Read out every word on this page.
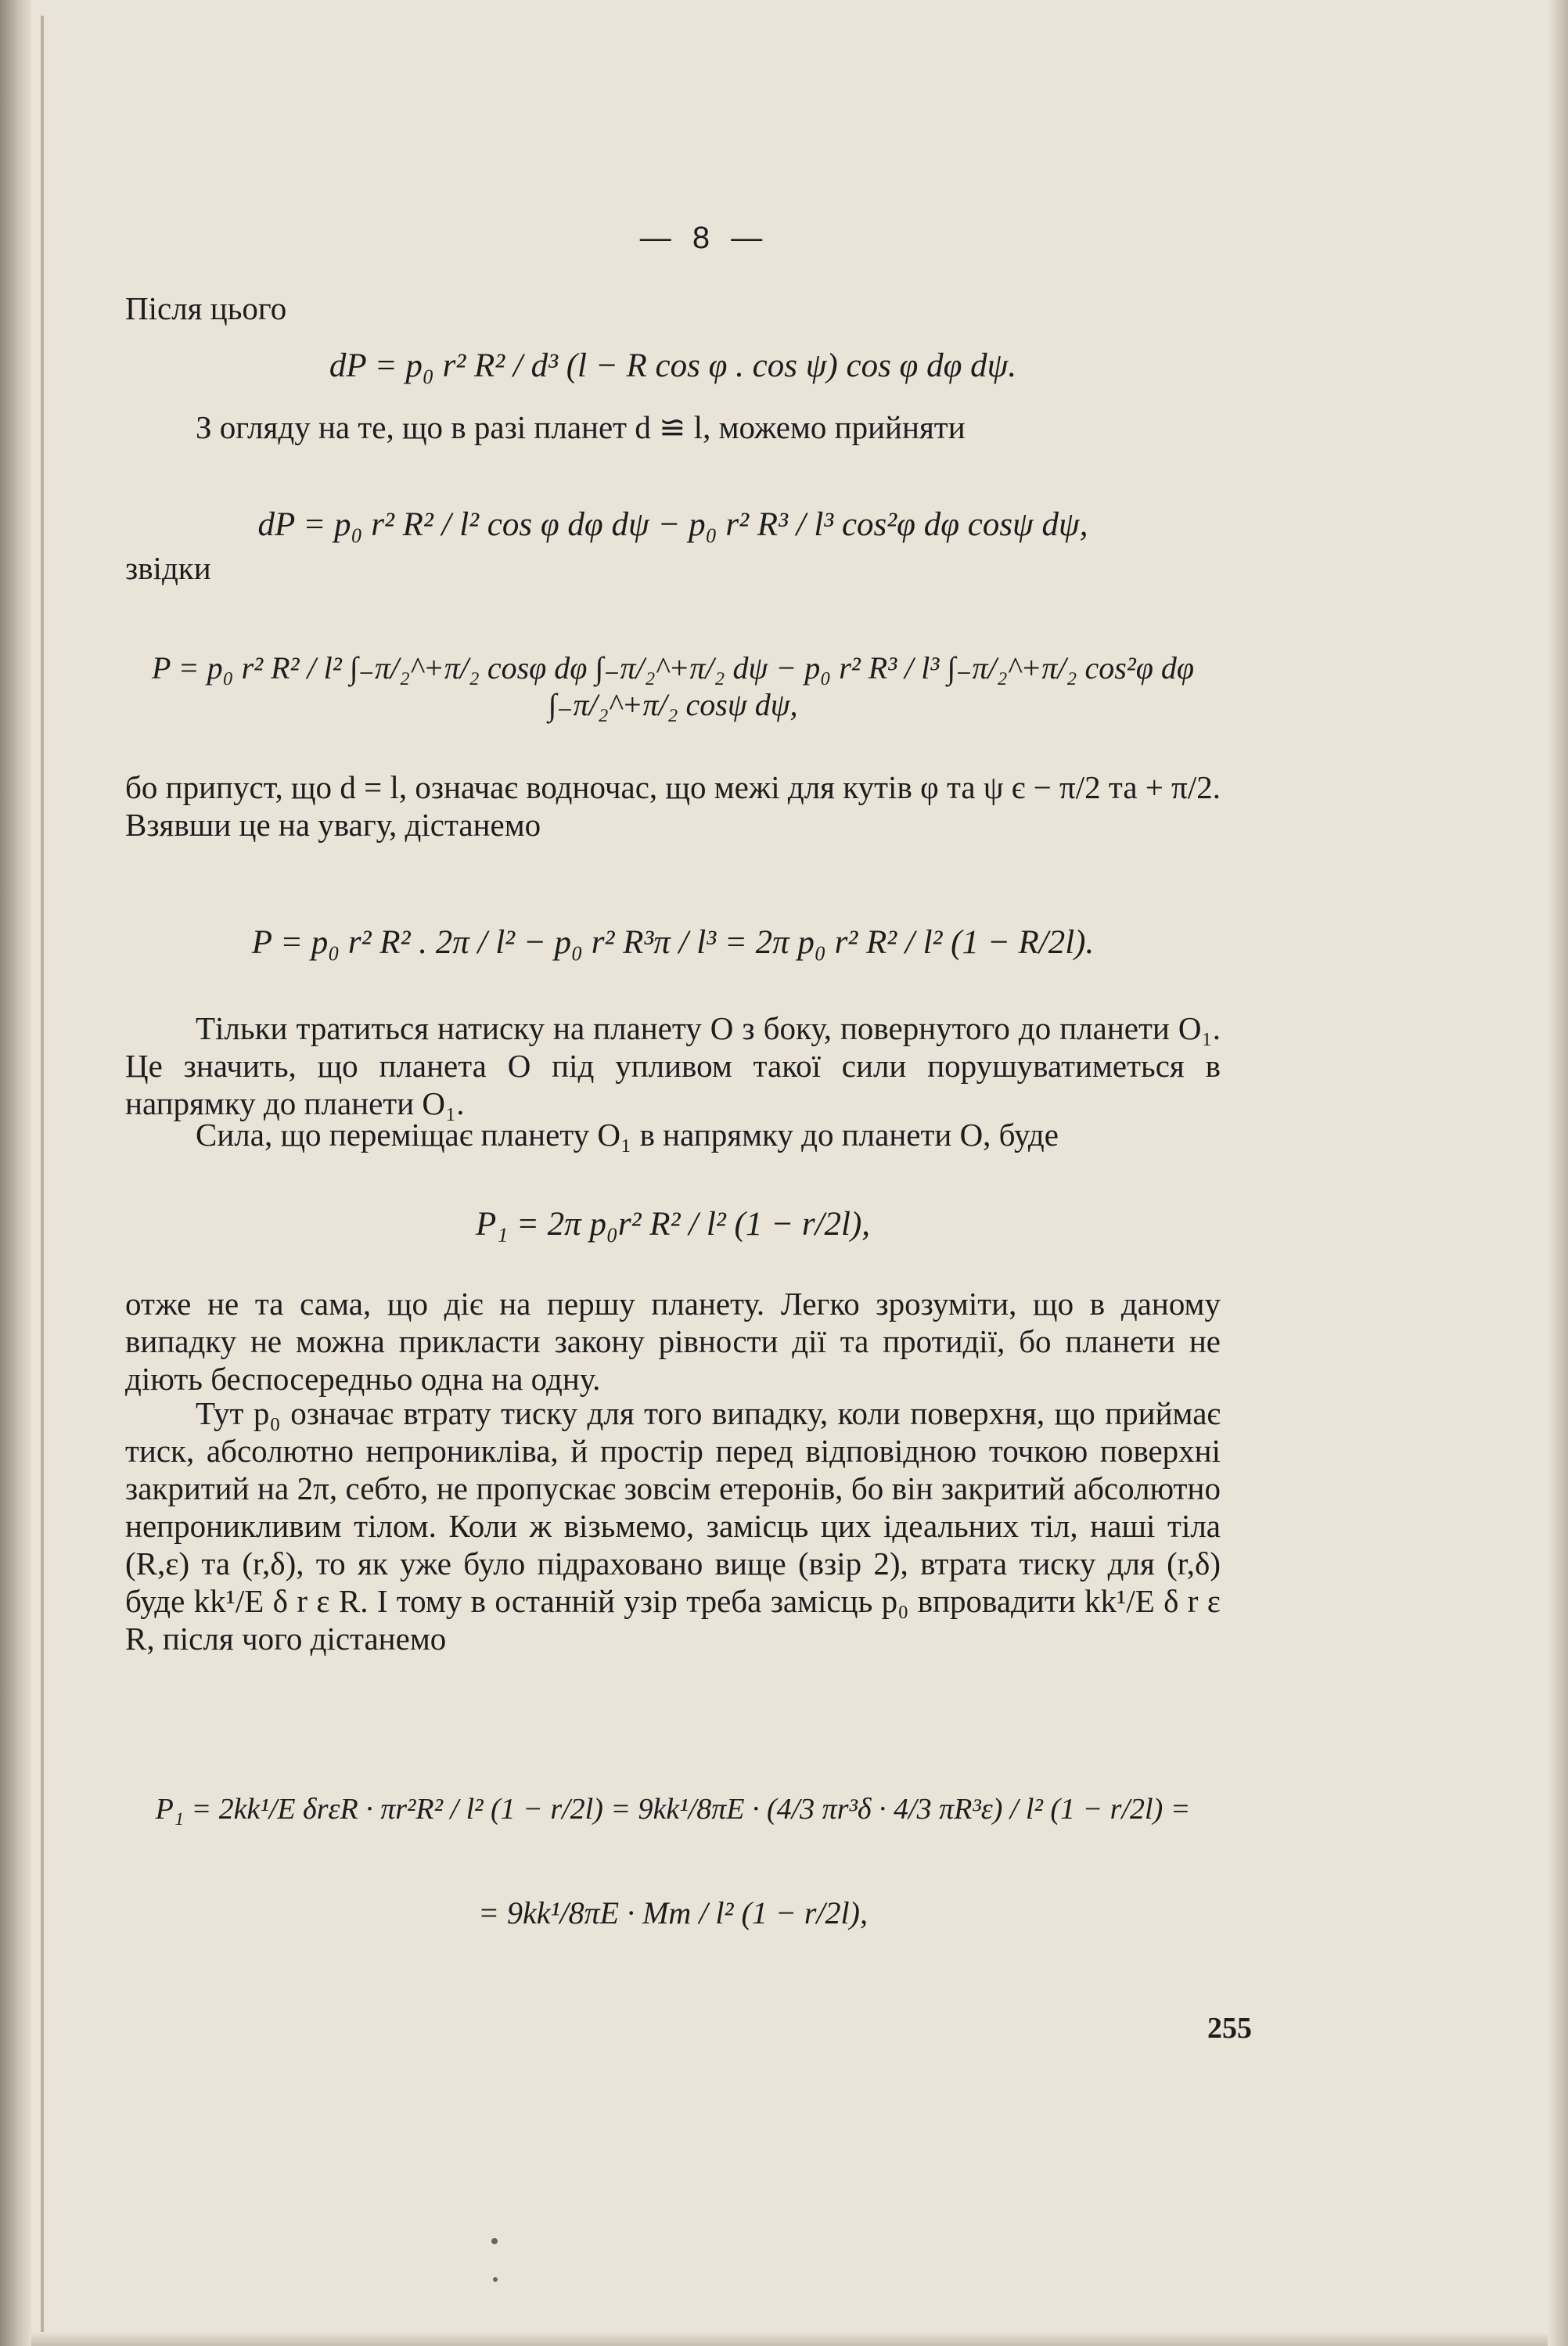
— 8 —
Після цього
dP = p₀ r² R² / d³ (l − R cos φ . cos ψ) cos φ dφ dψ.
З огляду на те, що в разі планет d ≌ l, можемо прийняти
dP = p₀ r² R² / l² cos φ dφ dψ − p₀ r² R³ / l³ cos²φ dφ cosψ dψ,
звідки
P = p₀ r² R² / l² ∫₋π/₂^+π/₂ cosφ dφ ∫₋π/₂^+π/₂ dψ − p₀ r² R³ / l³ ∫₋π/₂^+π/₂ cos²φ dφ ∫₋π/₂^+π/₂ cosψ dψ,
бо припуст, що d = l, означає водночас, що межі для кутів φ та ψ є − π/2 та + π/2. Взявши це на увагу, дістанемо
P = p₀ r² R² . 2π / l² − p₀ r² R³π / l³ = 2π p₀ r² R² / l² (1 − R/2l).
Тільки тратиться натиску на планету O з боку, повернутого до планети O₁. Це значить, що планета O під упливом такої сили порушуватиметься в напрямку до планети O₁.
Сила, що переміщає планету O₁ в напрямку до планети O, буде
P₁ = 2π p₀r² R² / l² (1 − r/2l),
отже не та сама, що діє на першу планету. Легко зрозуміти, що в даному випадку не можна прикласти закону рівности дії та протидії, бо планети не діють беспосередньо одна на одну.
Тут p₀ означає втрату тиску для того випадку, коли поверхня, що приймає тиск, абсолютно непроникліва, й простір перед відповідною точкою поверхні закритий на 2π, себто, не пропускає зовсім етеронів, бо він закритий абсолютно непроникливим тілом. Коли ж візьмемо, замісць цих ідеальних тіл, наші тіла (R,ε) та (r,δ), то як уже було підраховано вище (взір 2), втрата тиску для (r,δ) буде kk¹/E δ r ε R. І тому в останній узір треба замісць p₀ впровадити kk¹/E δ r ε R, після чого дістанемо
P₁ = 2kk¹/E δrεR · πr²R² / l² (1 − r/2l) = 9kk¹/8πE · (4/3 πr³δ · 4/3 πR³ε) / l² (1 − r/2l) =
= 9kk¹/8πE · Mm / l² (1 − r/2l),
255
